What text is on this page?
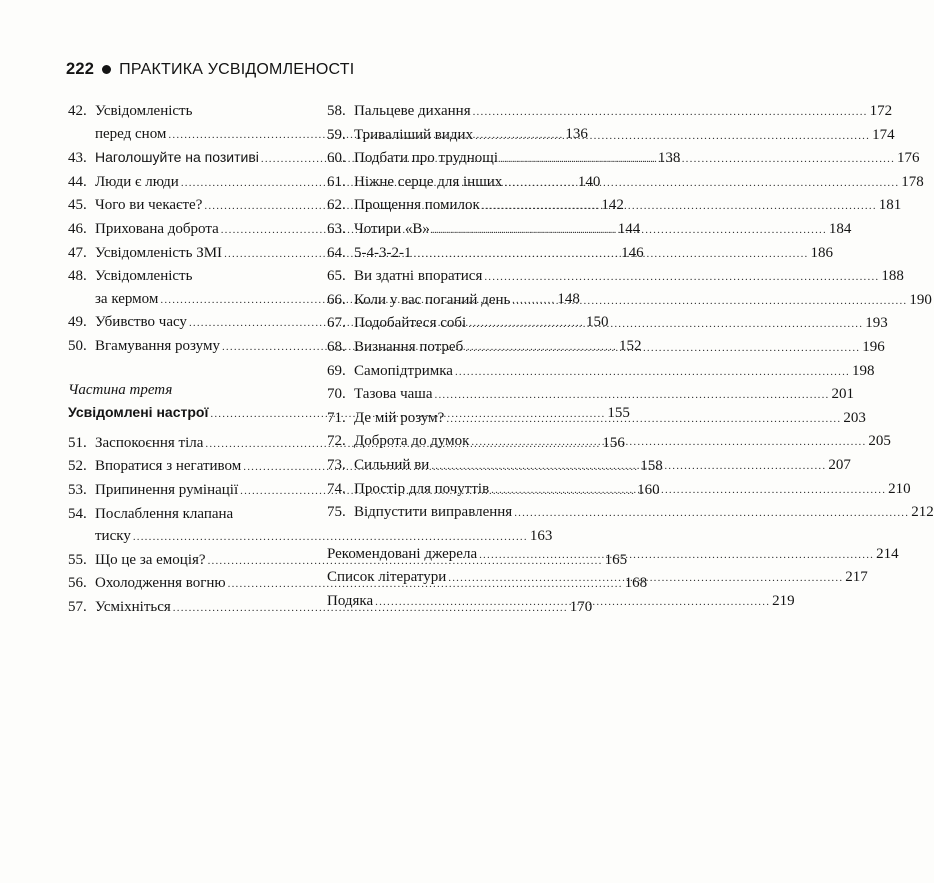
222 ПРАКТИКА УСВІДОМЛЕНОСТІ
42. Усвідомленість
перед сном .....	136
43. Наголошуйте на позитиві .....	138
44. Люди є люди .....	140
45. Чого ви чекаєте? .....	142
46. Прихована доброта .....	144
47. Усвідомленість ЗМІ .....	146
48. Усвідомленість
за кермом .....	148
49. Убивство часу .....	150
50. Вгамування розуму .....	152
Частина третя
Усвідомлені настрої .....	155
51. Заспокоєння тіла .....	156
52. Впоратися з негативом .....	158
53. Припинення румінації .....	160
54. Послаблення клапана
тиску .....	163
55. Що це за емоція? .....	165
56. Охолодження вогню .....	168
57. Усміхніться .....	170
58. Пальцеве дихання .....	172
59. Триваліший видих .....	174
60. Подбати про труднощі .....	176
61. Ніжне серце для інших .....	178
62. Прощення помилок .....	181
63. Чотири «В» .....	184
64. 5-4-3-2-1 .....	186
65. Ви здатні впоратися .....	188
66. Коли у вас поганий день .....	190
67. Подобайтеся собі .....	193
68. Визнання потреб .....	196
69. Самопідтримка .....	198
70. Тазова чаша .....	201
71. Де мій розум? .....	203
72. Доброта до думок .....	205
73. Сильний ви .....	207
74. Простір для почуттів .....	210
75. Відпустити виправлення .....	212
Рекомендовані джерела .....	214
Список літератури .....	217
Подяка .....	219
